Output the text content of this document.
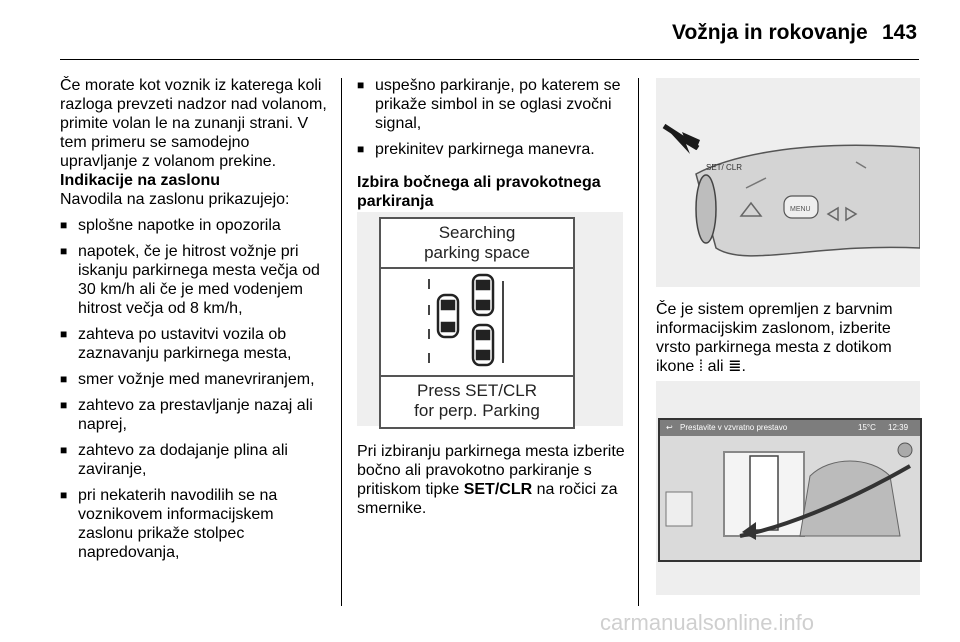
Vožnja in rokovanje 143

Če morate kot voznik iz katerega koli razloga prevzeti nadzor nad volanom, primite volan le na zunanji strani. V tem primeru se samodejno upravljanje z volanom prekine.

Indikacije na zaslonu

Navodila na zaslonu prikazujejo:

■ splošne napotke in opozorila
■ napotek, če je hitrost vožnje pri iskanju parkirnega mesta večja od 30 km/h ali če je med vodenjem hitrost večja od 8 km/h,
■ zahteva po ustavitvi vozila ob zaznavanju parkirnega mesta,
■ smer vožnje med manevriranjem,
■ zahtevo za prestavljanje nazaj ali naprej,
■ zahtevo za dodajanje plina ali zaviranje,
■ pri nekaterih navodilih se na voznikovem informacijskem zaslonu prikaže stolpec napredovanja,
■ uspešno parkiranje, po katerem se prikaže simbol in se oglasi zvočni signal,
■ prekinitev parkirnega manevra.

Izbira bočnega ali pravokotnega parkiranja

Searching
parking space
Press SET/CLR
for perp. Parking

Pri izbiranju parkirnega mesta izberite bočno ali pravokotno parkiranje s pritiskom tipke SET/CLR na ročici za smernike.

SET/ CLR
MENU

Če je sistem opremljen z barvnim informacijskim zaslonom, izberite vrsto parkirnega mesta z dotikom ikone ⁞ ali ≣.

↩ Prestavite v vzvratno prestavo	15°C 12:39
carmanualsonline.info
